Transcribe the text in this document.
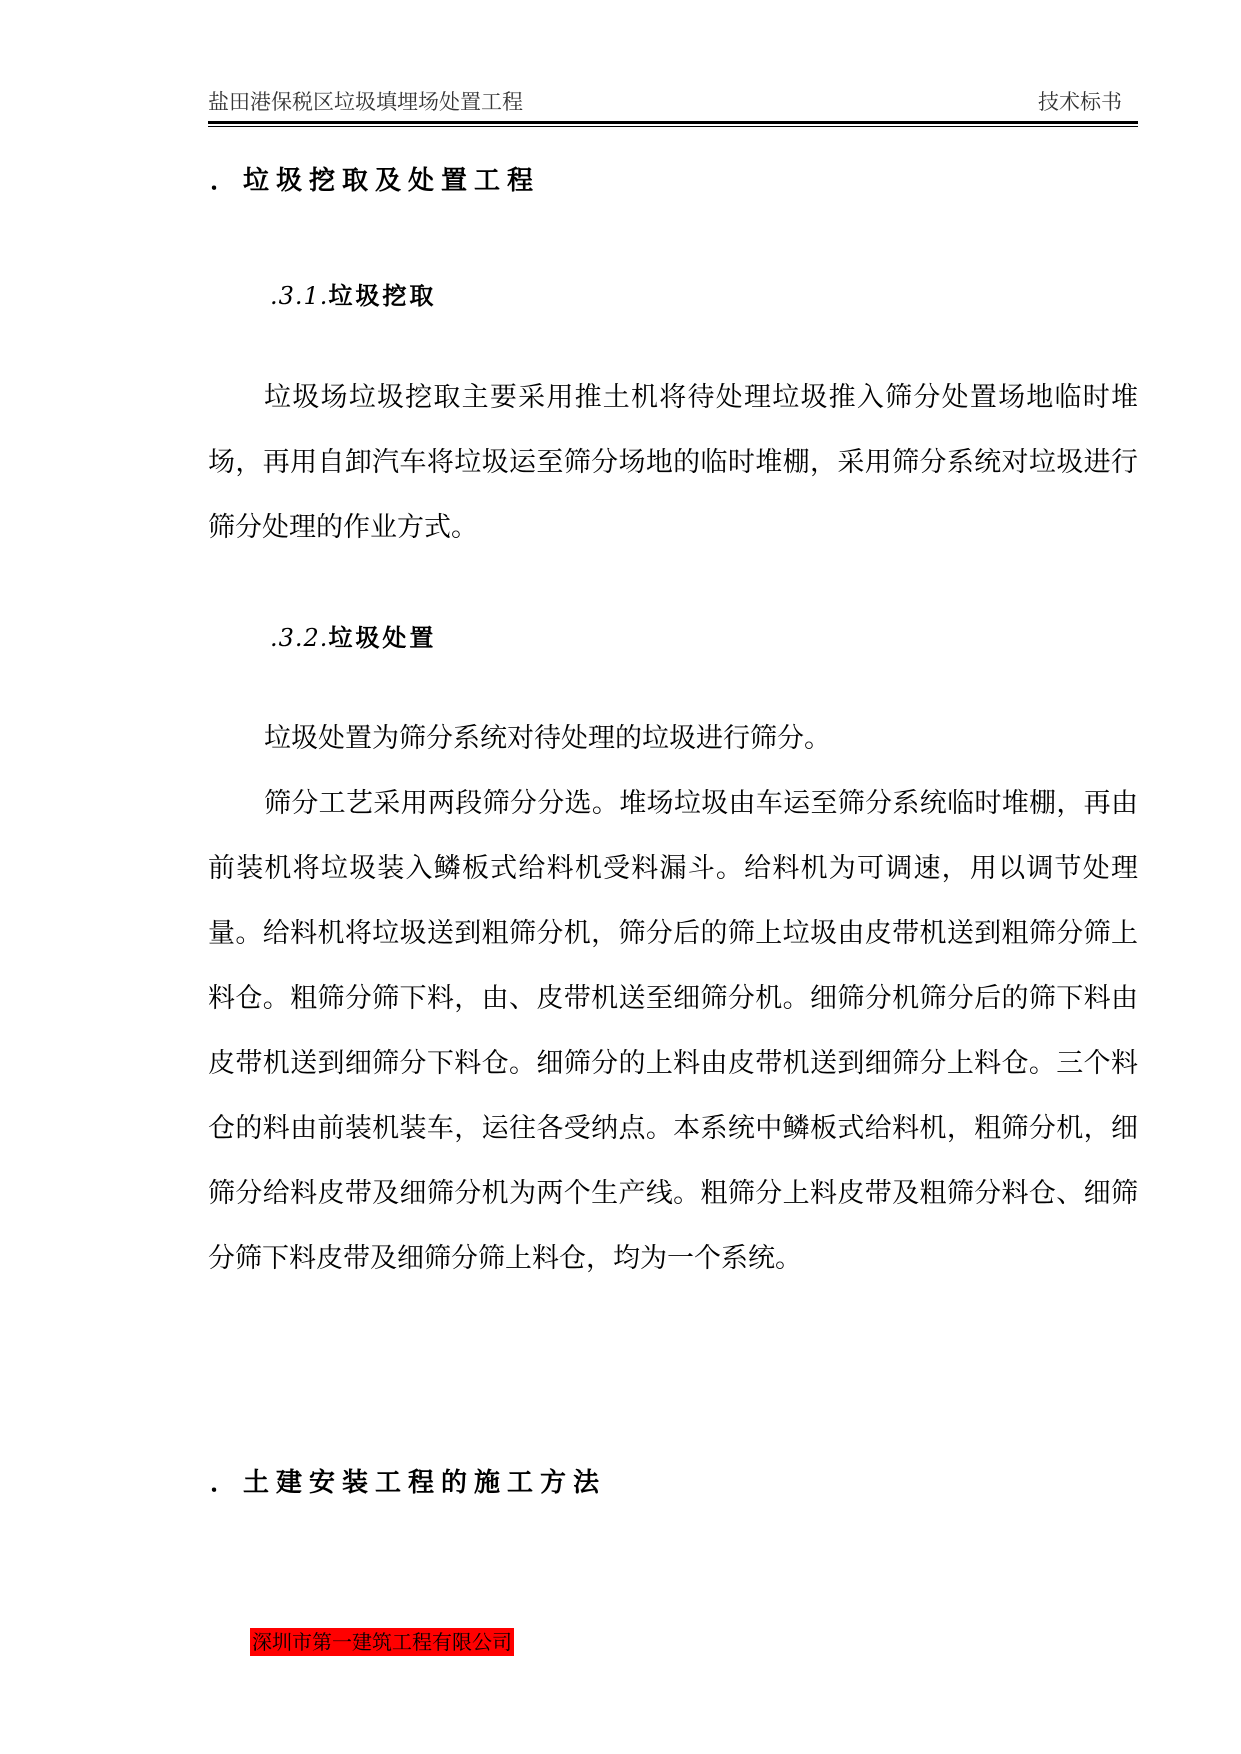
盐田港保税区垃圾填埋场处置工程	技术标书
．垃圾挖取及处置工程
.3.1.垃圾挖取

垃圾场垃圾挖取主要采用推土机将待处理垃圾推入筛分处置场地临时堆场，再用自卸汽车将垃圾运至筛分场地的临时堆棚，采用筛分系统对垃圾进行筛分处理的作业方式。

.3.2.垃圾处置

垃圾处置为筛分系统对待处理的垃圾进行筛分。

筛分工艺采用两段筛分分选。堆场垃圾由车运至筛分系统临时堆棚，再由前装机将垃圾装入鳞板式给料机受料漏斗。给料机为可调速，用以调节处理量。给料机将垃圾送到粗筛分机，筛分后的筛上垃圾由皮带机送到粗筛分筛上料仓。粗筛分筛下料，由、皮带机送至细筛分机。细筛分机筛分后的筛下料由皮带机送到细筛分下料仓。细筛分的上料由皮带机送到细筛分上料仓。三个料仓的料由前装机装车，运往各受纳点。本系统中鳞板式给料机，粗筛分机，细筛分给料皮带及细筛分机为两个生产线。粗筛分上料皮带及粗筛分料仓、细筛分筛下料皮带及细筛分筛上料仓，均为一个系统。

．土建安装工程的施工方法
深圳市第一建筑工程有限公司
